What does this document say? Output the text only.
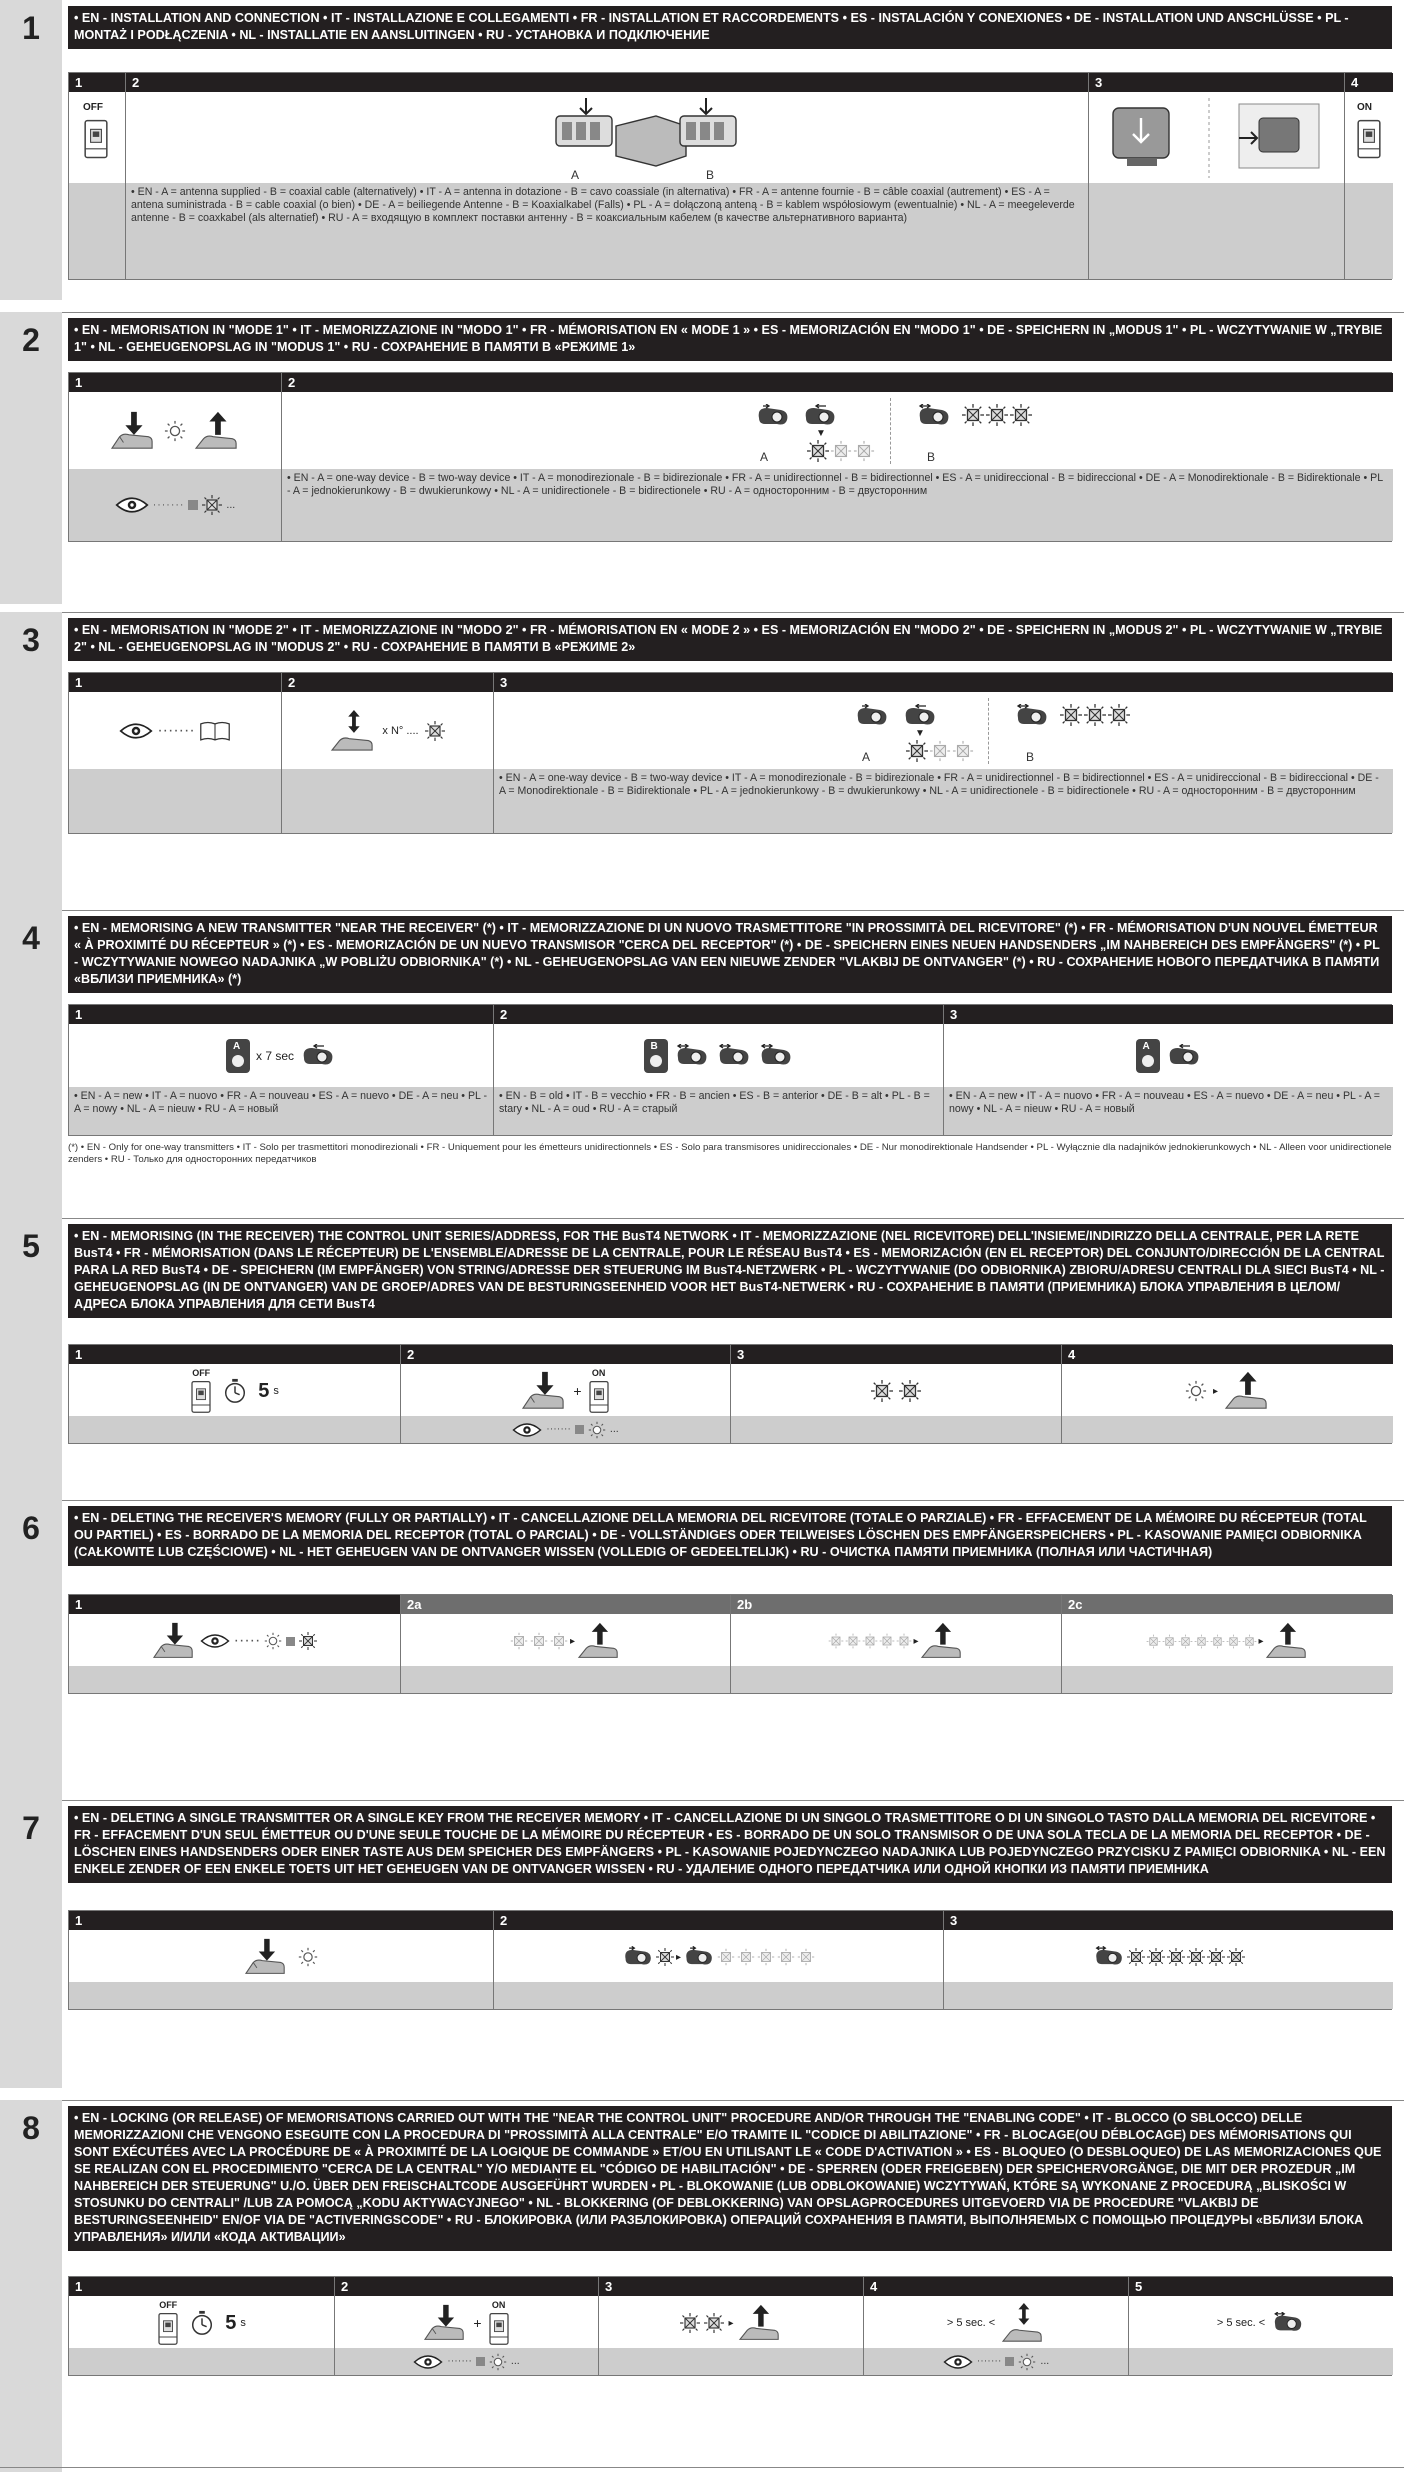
1	• EN - INSTALLATION AND CONNECTION • IT - INSTALLAZIONE E COLLEGAMENTI • FR - INSTALLATION ET RACCORDEMENTS • ES - INSTALACIÓN Y CONEXIONES • DE - INSTALLATION UND ANSCHLÜSSE • PL - MONTAŻ I PODŁĄCZENIA • NL - INSTALLATIE EN AANSLUITINGEN • RU - УСТАНОВКА И ПОДКЛЮЧЕНИЕ
1
OFF
2
A	B
• EN - A = antenna supplied - B = coaxial cable (alternatively) • IT - A = antenna in dotazione - B = cavo coassiale (in alternativa) • FR - A = antenne fournie - B = câble coaxial (autrement) • ES - A = antena suministrada - B = cable coaxial (o bien) • DE - A = beiliegende Antenne - B = Koaxialkabel (Falls) • PL - A = dołączoną anteną - B = kablem współosiowym (ewentualnie) • NL - A = meegeleverde antenne - B = coaxkabel (als alternatief) • RU - A = входящую в комплект поставки антенну - B = коаксиальным кабелем (в качестве альтернативного варианта)
3	4
ON
2	• EN - MEMORISATION IN "MODE 1" • IT - MEMORIZZAZIONE IN "MODO 1" • FR - MÉMORISATION EN « MODE 1 » • ES - MEMORIZACIÓN EN "MODO 1" • DE - SPEICHERN IN „MODUS 1" • PL - WCZYTYWANIE W „TRYBIE 1" • NL - GEHEUGENOPSLAG IN "MODUS 1" • RU - СОХРАНЕНИЕ В ПАМЯТИ В «РЕЖИМЕ 1»
1
·······	...
2
▼
A	B
• EN - A = one-way device - B = two-way device • IT - A = monodirezionale - B = bidirezionale • FR - A = unidirectionnel - B = bidirectionnel • ES - A = unidireccional - B = bidireccional • DE - A = Monodirektionale - B = Bidirektionale • PL - A = jednokierunkowy - B = dwukierunkowy • NL - A = unidirectionele - B = bidirectionele • RU - A = односторонним - B = двусторонним
3	• EN - MEMORISATION IN "MODE 2" • IT - MEMORIZZAZIONE IN "MODO 2" • FR - MÉMORISATION EN « MODE 2 » • ES - MEMORIZACIÓN EN "MODO 2" • DE - SPEICHERN IN „MODUS 2" • PL - WCZYTYWANIE W „TRYBIE 2" • NL - GEHEUGENOPSLAG IN "MODUS 2" • RU - СОХРАНЕНИЕ В ПАМЯТИ В «РЕЖИМЕ 2»
1
·······
2
x N° ....
3
▼
A	B
• EN - A = one-way device - B = two-way device • IT - A = monodirezionale - B = bidirezionale • FR - A = unidirectionnel - B = bidirectionnel • ES - A = unidireccional - B = bidireccional • DE - A = Monodirektionale - B = Bidirektionale • PL - A = jednokierunkowy - B = dwukierunkowy • NL - A = unidirectionele - B = bidirectionele • RU - A = односторонним - B = двусторонним
4	• EN - MEMORISING A NEW TRANSMITTER "NEAR THE RECEIVER" (*) • IT - MEMORIZZAZIONE DI UN NUOVO TRASMETTITORE "IN PROSSIMITÀ DEL RICEVITORE" (*) • FR - MÉMORISATION D'UN NOUVEL ÉMETTEUR « À PROXIMITÉ DU RÉCEPTEUR » (*) • ES - MEMORIZACIÓN DE UN NUEVO TRANSMISOR "CERCA DEL RECEPTOR" (*) • DE - SPEICHERN EINES NEUEN HANDSENDERS „IM NAHBEREICH DES EMPFÄNGERS" (*) • PL - WCZYTYWANIE NOWEGO NADAJNIKA „W POBLIŻU ODBIORNIKA" (*) • NL - GEHEUGENOPSLAG VAN EEN NIEUWE ZENDER "VLAKBIJ DE ONTVANGER" (*) • RU - СОХРАНЕНИЕ НОВОГО ПЕРЕДАТЧИКА В ПАМЯТИ «ВБЛИЗИ ПРИЕМНИКА» (*)
1
A
x 7 sec
• EN - A = new • IT - A = nuovo • FR - A = nouveau • ES - A = nuevo • DE - A = neu • PL - A = nowy • NL - A = nieuw • RU - A = новый
2
B
• EN - B = old • IT - B = vecchio • FR - B = ancien • ES - B = anterior • DE - B = alt • PL - B = stary • NL - A = oud • RU - A = старый
3
A
• EN - A = new • IT - A = nuovo • FR - A = nouveau • ES - A = nuevo • DE - A = neu • PL - A = nowy • NL - A = nieuw • RU - A = новый
(*) • EN - Only for one-way transmitters • IT - Solo per trasmettitori monodirezionali • FR - Uniquement pour les émetteurs unidirectionnels • ES - Solo para transmisores unidireccionales • DE - Nur monodirektionale Handsender • PL - Wyłącznie dla nadajników jednokierunkowych • NL - Alleen voor unidirectionele zenders • RU - Только для односторонних передатчиков
5	• EN - MEMORISING (IN THE RECEIVER) THE CONTROL UNIT SERIES/ADDRESS, FOR THE BusT4 NETWORK • IT - MEMORIZZAZIONE (NEL RICEVITORE) DELL'INSIEME/INDIRIZZO DELLA CENTRALE, PER LA RETE BusT4 • FR - MÉMORISATION (DANS LE RÉCEPTEUR) DE L'ENSEMBLE/ADRESSE DE LA CENTRALE, POUR LE RÉSEAU BusT4 • ES - MEMORIZACIÓN (EN EL RECEPTOR) DEL CONJUNTO/DIRECCIÓN DE LA CENTRAL PARA LA RED BusT4 • DE - SPEICHERN (IM EMPFÄNGER) VON STRING/ADRESSE DER STEUERUNG IM BusT4-NETZWERK • PL - WCZYTYWANIE (DO ODBIORNIKA) ZBIORU/ADRESU CENTRALI DLA SIECI BusT4 • NL - GEHEUGENOPSLAG (IN DE ONTVANGER) VAN DE GROEP/ADRES VAN DE BESTURINGSEENHEID VOOR HET BusT4-NETWERK • RU - СОХРАНЕНИЕ В ПАМЯТИ (ПРИЕМНИКА) БЛОКА УПРАВЛЕНИЯ В ЦЕЛОМ/АДРЕСА БЛОКА УПРАВЛЕНИЯ ДЛЯ СЕТИ BusT4
1
OFF
5 s
2
+
ON
·······	...
3	4
▸
6	• EN - DELETING THE RECEIVER'S MEMORY (FULLY OR PARTIALLY) • IT - CANCELLAZIONE DELLA MEMORIA DEL RICEVITORE (TOTALE O PARZIALE) • FR - EFFACEMENT DE LA MÉMOIRE DU RÉCEPTEUR (TOTAL OU PARTIEL) • ES - BORRADO DE LA MEMORIA DEL RECEPTOR (TOTAL O PARCIAL) • DE - VOLLSTÄNDIGES ODER TEILWEISES LÖSCHEN DES EMPFÄNGERSPEICHERS • PL - KASOWANIE PAMIĘCI ODBIORNIKA (CAŁKOWITE LUB CZĘŚCIOWE) • NL - HET GEHEUGEN VAN DE ONTVANGER WISSEN (VOLLEDIG OF GEDEELTELIJK) • RU - ОЧИСТКА ПАМЯТИ ПРИЕМНИКА (ПОЛНАЯ ИЛИ ЧАСТИЧНАЯ)
1
·····
2a
▸
2b
▸
2c
▸
7	• EN - DELETING A SINGLE TRANSMITTER OR A SINGLE KEY FROM THE RECEIVER MEMORY • IT - CANCELLAZIONE DI UN SINGOLO TRASMETTITORE O DI UN SINGOLO TASTO DALLA MEMORIA DEL RICEVITORE • FR - EFFACEMENT D'UN SEUL ÉMETTEUR OU D'UNE SEULE TOUCHE DE LA MÉMOIRE DU RÉCEPTEUR • ES - BORRADO DE UN SOLO TRANSMISOR O DE UNA SOLA TECLA DE LA MEMORIA DEL RECEPTOR • DE - LÖSCHEN EINES HANDSENDERS ODER EINER TASTE AUS DEM SPEICHER DES EMPFÄNGERS • PL - KASOWANIE POJEDYNCZEGO NADAJNIKA LUB POJEDYNCZEGO PRZYCISKU Z PAMIĘCI ODBIORNIKA • NL - EEN ENKELE ZENDER OF EEN ENKELE TOETS UIT HET GEHEUGEN VAN DE ONTVANGER WISSEN • RU - УДАЛЕНИЕ ОДНОГО ПЕРЕДАТЧИКА ИЛИ ОДНОЙ КНОПКИ ИЗ ПАМЯТИ ПРИЕМНИКА
1	2
▸
3
8	• EN - LOCKING (OR RELEASE) OF MEMORISATIONS CARRIED OUT WITH THE "NEAR THE CONTROL UNIT" PROCEDURE AND/OR THROUGH THE "ENABLING CODE" • IT - BLOCCO (O SBLOCCO) DELLE MEMORIZZAZIONI CHE VENGONO ESEGUITE CON LA PROCEDURA DI "PROSSIMITÀ ALLA CENTRALE" E/O TRAMITE IL "CODICE DI ABILITAZIONE" • FR - BLOCAGE(OU DÉBLOCAGE) DES MÉMORISATIONS QUI SONT EXÉCUTÉES AVEC LA PROCÉDURE DE « À PROXIMITÉ DE LA LOGIQUE DE COMMANDE » ET/OU EN UTILISANT LE « CODE D'ACTIVATION » • ES - BLOQUEO (O DESBLOQUEO) DE LAS MEMORIZACIONES QUE SE REALIZAN CON EL PROCEDIMIENTO "CERCA DE LA CENTRAL" Y/O MEDIANTE EL "CÓDIGO DE HABILITACIÓN" • DE - SPERREN (ODER FREIGEBEN) DER SPEICHERVORGÄNGE, DIE MIT DER PROZEDUR „IM NAHBEREICH DER STEUERUNG" U./O. ÜBER DEN FREISCHALTCODE AUSGEFÜHRT WURDEN • PL - BLOKOWANIE (LUB ODBLOKOWANIE) WCZYTYWAŃ, KTÓRE SĄ WYKONANE Z PROCEDURĄ „BLISKOŚCI W STOSUNKU DO CENTRALI" /LUB ZA POMOCĄ „KODU AKTYWACYJNEGO" • NL - BLOKKERING (OF DEBLOKKERING) VAN OPSLAGPROCEDURES UITGEVOERD VIA DE PROCEDURE "VLAKBIJ DE BESTURINGSEENHEID" EN/OF VIA DE "ACTIVERINGSCODE" • RU - БЛОКИРОВКА (ИЛИ РАЗБЛОКИРОВКА) ОПЕРАЦИЙ СОХРАНЕНИЯ В ПАМЯТИ, ВЫПОЛНЯЕМЫХ С ПОМОЩЬЮ ПРОЦЕДУРЫ «ВБЛИЗИ БЛОКА УПРАВЛЕНИЯ» И/ИЛИ «КОДА АКТИВАЦИИ»
1
OFF
5 s
2
+
ON
·······	...
3
▸
4
> 5 sec. <
·······	...
5
> 5 sec. <
